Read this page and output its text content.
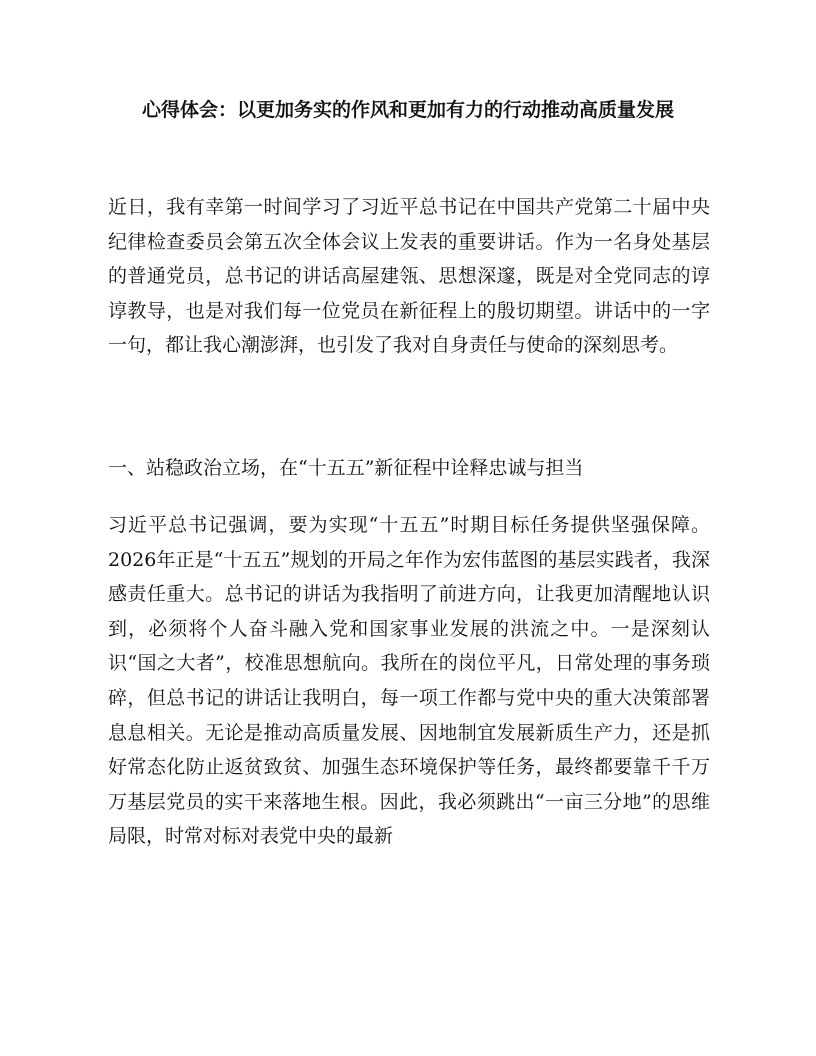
心得体会：以更加务实的作风和更加有力的行动推动高质量发展

近日，我有幸第一时间学习了习近平总书记在中国共产党第二十届中央纪律检查委员会第五次全体会议上发表的重要讲话。作为一名身处基层的普通党员，总书记的讲话高屋建瓴、思想深邃，既是对全党同志的谆谆教导，也是对我们每一位党员在新征程上的殷切期望。讲话中的一字一句，都让我心潮澎湃，也引发了我对自身责任与使命的深刻思考。

一、站稳政治立场，在“十五五”新征程中诠释忠诚与担当

习近平总书记强调，要为实现“十五五”时期目标任务提供坚强保障。2026年正是“十五五”规划的开局之年作为宏伟蓝图的基层实践者，我深感责任重大。总书记的讲话为我指明了前进方向，让我更加清醒地认识到，必须将个人奋斗融入党和国家事业发展的洪流之中。一是深刻认识“国之大者”，校准思想航向。我所在的岗位平凡，日常处理的事务琐碎，但总书记的讲话让我明白，每一项工作都与党中央的重大决策部署息息相关。无论是推动高质量发展、因地制宜发展新质生产力，还是抓好常态化防止返贫致贫、加强生态环境保护等任务，最终都要靠千千万万基层党员的实干来落地生根。因此，我必须跳出“一亩三分地”的思维局限，时常对标对表党中央的最新
